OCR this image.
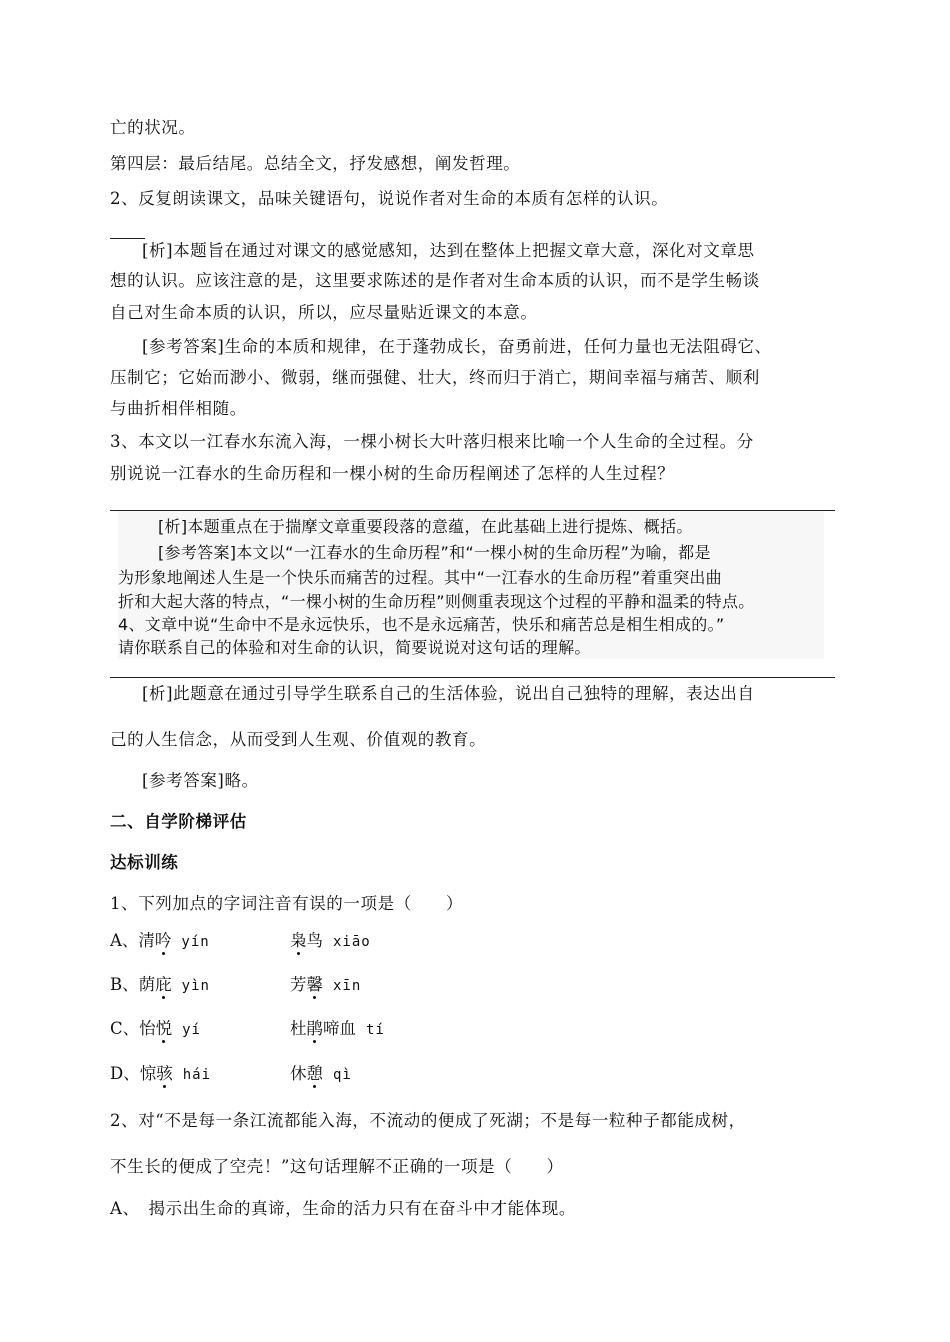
亡的状况。
第四层：最后结尾。总结全文，抒发感想，阐发哲理。
2、反复朗读课文，品味关键语句，说说作者对生命的本质有怎样的认识。
[析]本题旨在通过对课文的感觉感知，达到在整体上把握文章大意，深化对文章思
想的认识。应该注意的是，这里要求陈述的是作者对生命本质的认识，而不是学生畅谈
自己对生命本质的认识，所以，应尽量贴近课文的本意。
[参考答案]生命的本质和规律，在于蓬勃成长，奋勇前进，任何力量也无法阻碍它、
压制它；它始而渺小、微弱，继而强健、壮大，终而归于消亡，期间幸福与痛苦、顺利
与曲折相伴相随。
3、本文以一江春水东流入海，一棵小树长大叶落归根来比喻一个人生命的全过程。分
别说说一江春水的生命历程和一棵小树的生命历程阐述了怎样的人生过程？
[析]本题重点在于揣摩文章重要段落的意蕴，在此基础上进行提炼、概括。
[参考答案]本文以“一江春水的生命历程”和“一棵小树的生命历程”为喻，都是
为形象地阐述人生是一个快乐而痛苦的过程。其中“一江春水的生命历程”着重突出曲
折和大起大落的特点，“一棵小树的生命历程”则侧重表现这个过程的平静和温柔的特点。
4、文章中说“生命中不是永远快乐，也不是永远痛苦，快乐和痛苦总是相生相成的。”
请你联系自己的体验和对生命的认识，简要说说对这句话的理解。
[析]此题意在通过引导学生联系自己的生活体验，说出自己独特的理解，表达出自
己的人生信念，从而受到人生观、价值观的教育。
[参考答案]略。
二、自学阶梯评估
达标训练
1、下列加点的字词注音有误的一项是（　　）
A、清吟 yín	枭鸟 xiāo
B、荫庇 yìn	芳馨 xīn
C、怡悦 yí	杜鹃啼血 tí
D、惊骇 hái	休憩 qì
2、对“不是每一条江流都能入海，不流动的便成了死湖；不是每一粒种子都能成树，
不生长的便成了空壳！”这句话理解不正确的一项是（　　）
A、　揭示出生命的真谛，生命的活力只有在奋斗中才能体现。
